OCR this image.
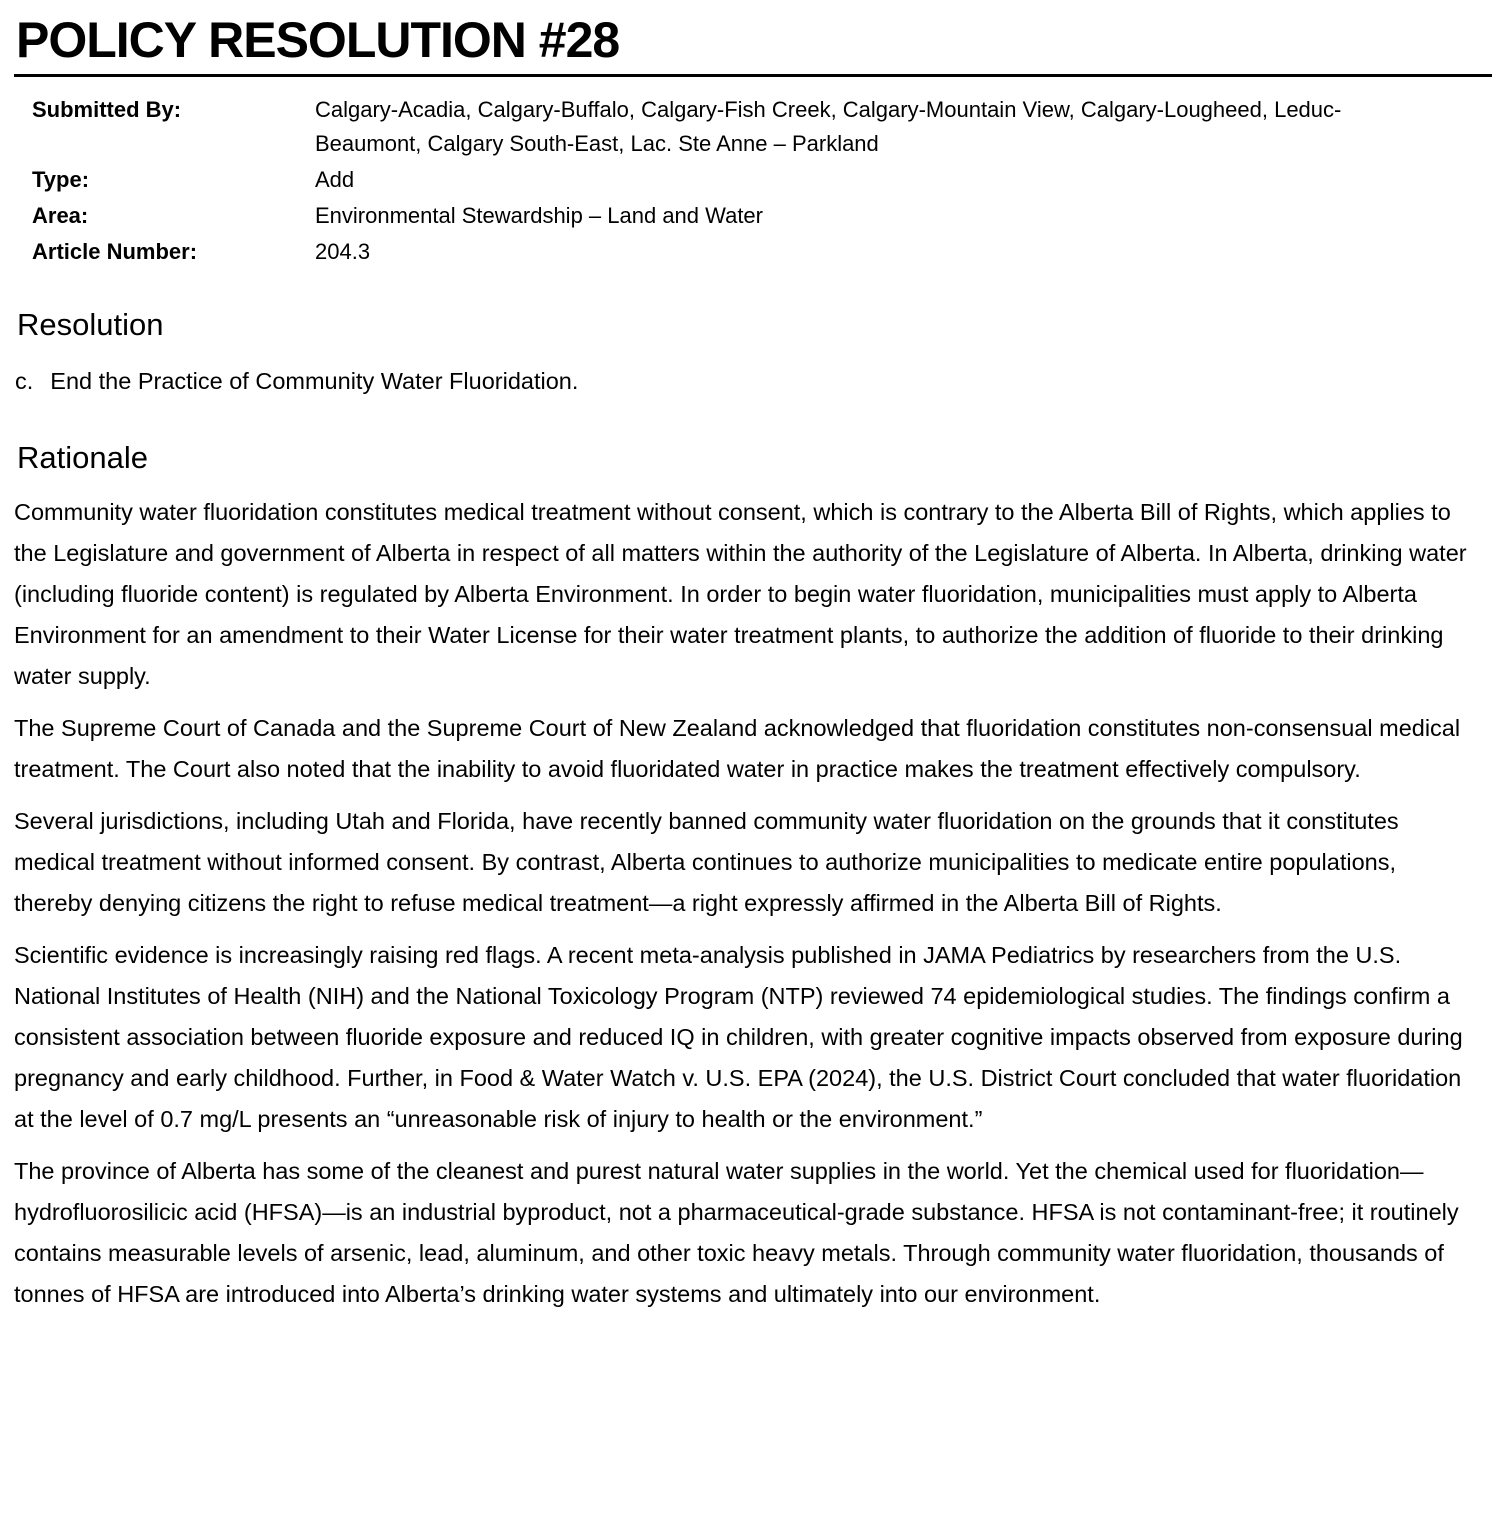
POLICY RESOLUTION #28
Submitted By:	Calgary-Acadia, Calgary-Buffalo, Calgary-Fish Creek, Calgary-Mountain View, Calgary-Lougheed, Leduc-Beaumont, Calgary South-East, Lac. Ste Anne – Parkland
Type:	Add
Area:	Environmental Stewardship – Land and Water
Article Number:	204.3
Resolution
c. End the Practice of Community Water Fluoridation.
Rationale

Community water fluoridation constitutes medical treatment without consent, which is contrary to the Alberta Bill of Rights, which applies to the Legislature and government of Alberta in respect of all matters within the authority of the Legislature of Alberta. In Alberta, drinking water (including fluoride content) is regulated by Alberta Environment. In order to begin water fluoridation, municipalities must apply to Alberta Environment for an amendment to their Water License for their water treatment plants, to authorize the addition of fluoride to their drinking water supply.

The Supreme Court of Canada and the Supreme Court of New Zealand acknowledged that fluoridation constitutes non-consensual medical treatment. The Court also noted that the inability to avoid fluoridated water in practice makes the treatment effectively compulsory.

Several jurisdictions, including Utah and Florida, have recently banned community water fluoridation on the grounds that it constitutes medical treatment without informed consent. By contrast, Alberta continues to authorize municipalities to medicate entire populations, thereby denying citizens the right to refuse medical treatment—a right expressly affirmed in the Alberta Bill of Rights.

Scientific evidence is increasingly raising red flags. A recent meta-analysis published in JAMA Pediatrics by researchers from the U.S. National Institutes of Health (NIH) and the National Toxicology Program (NTP) reviewed 74 epidemiological studies. The findings confirm a consistent association between fluoride exposure and reduced IQ in children, with greater cognitive impacts observed from exposure during pregnancy and early childhood. Further, in Food & Water Watch v. U.S. EPA (2024), the U.S. District Court concluded that water fluoridation at the level of 0.7 mg/L presents an “unreasonable risk of injury to health or the environment.”

The province of Alberta has some of the cleanest and purest natural water supplies in the world. Yet the chemical used for fluoridation—hydrofluorosilicic acid (HFSA)—is an industrial byproduct, not a pharmaceutical-grade substance. HFSA is not contaminant-free; it routinely contains measurable levels of arsenic, lead, aluminum, and other toxic heavy metals. Through community water fluoridation, thousands of tonnes of HFSA are introduced into Alberta’s drinking water systems and ultimately into our environment.
